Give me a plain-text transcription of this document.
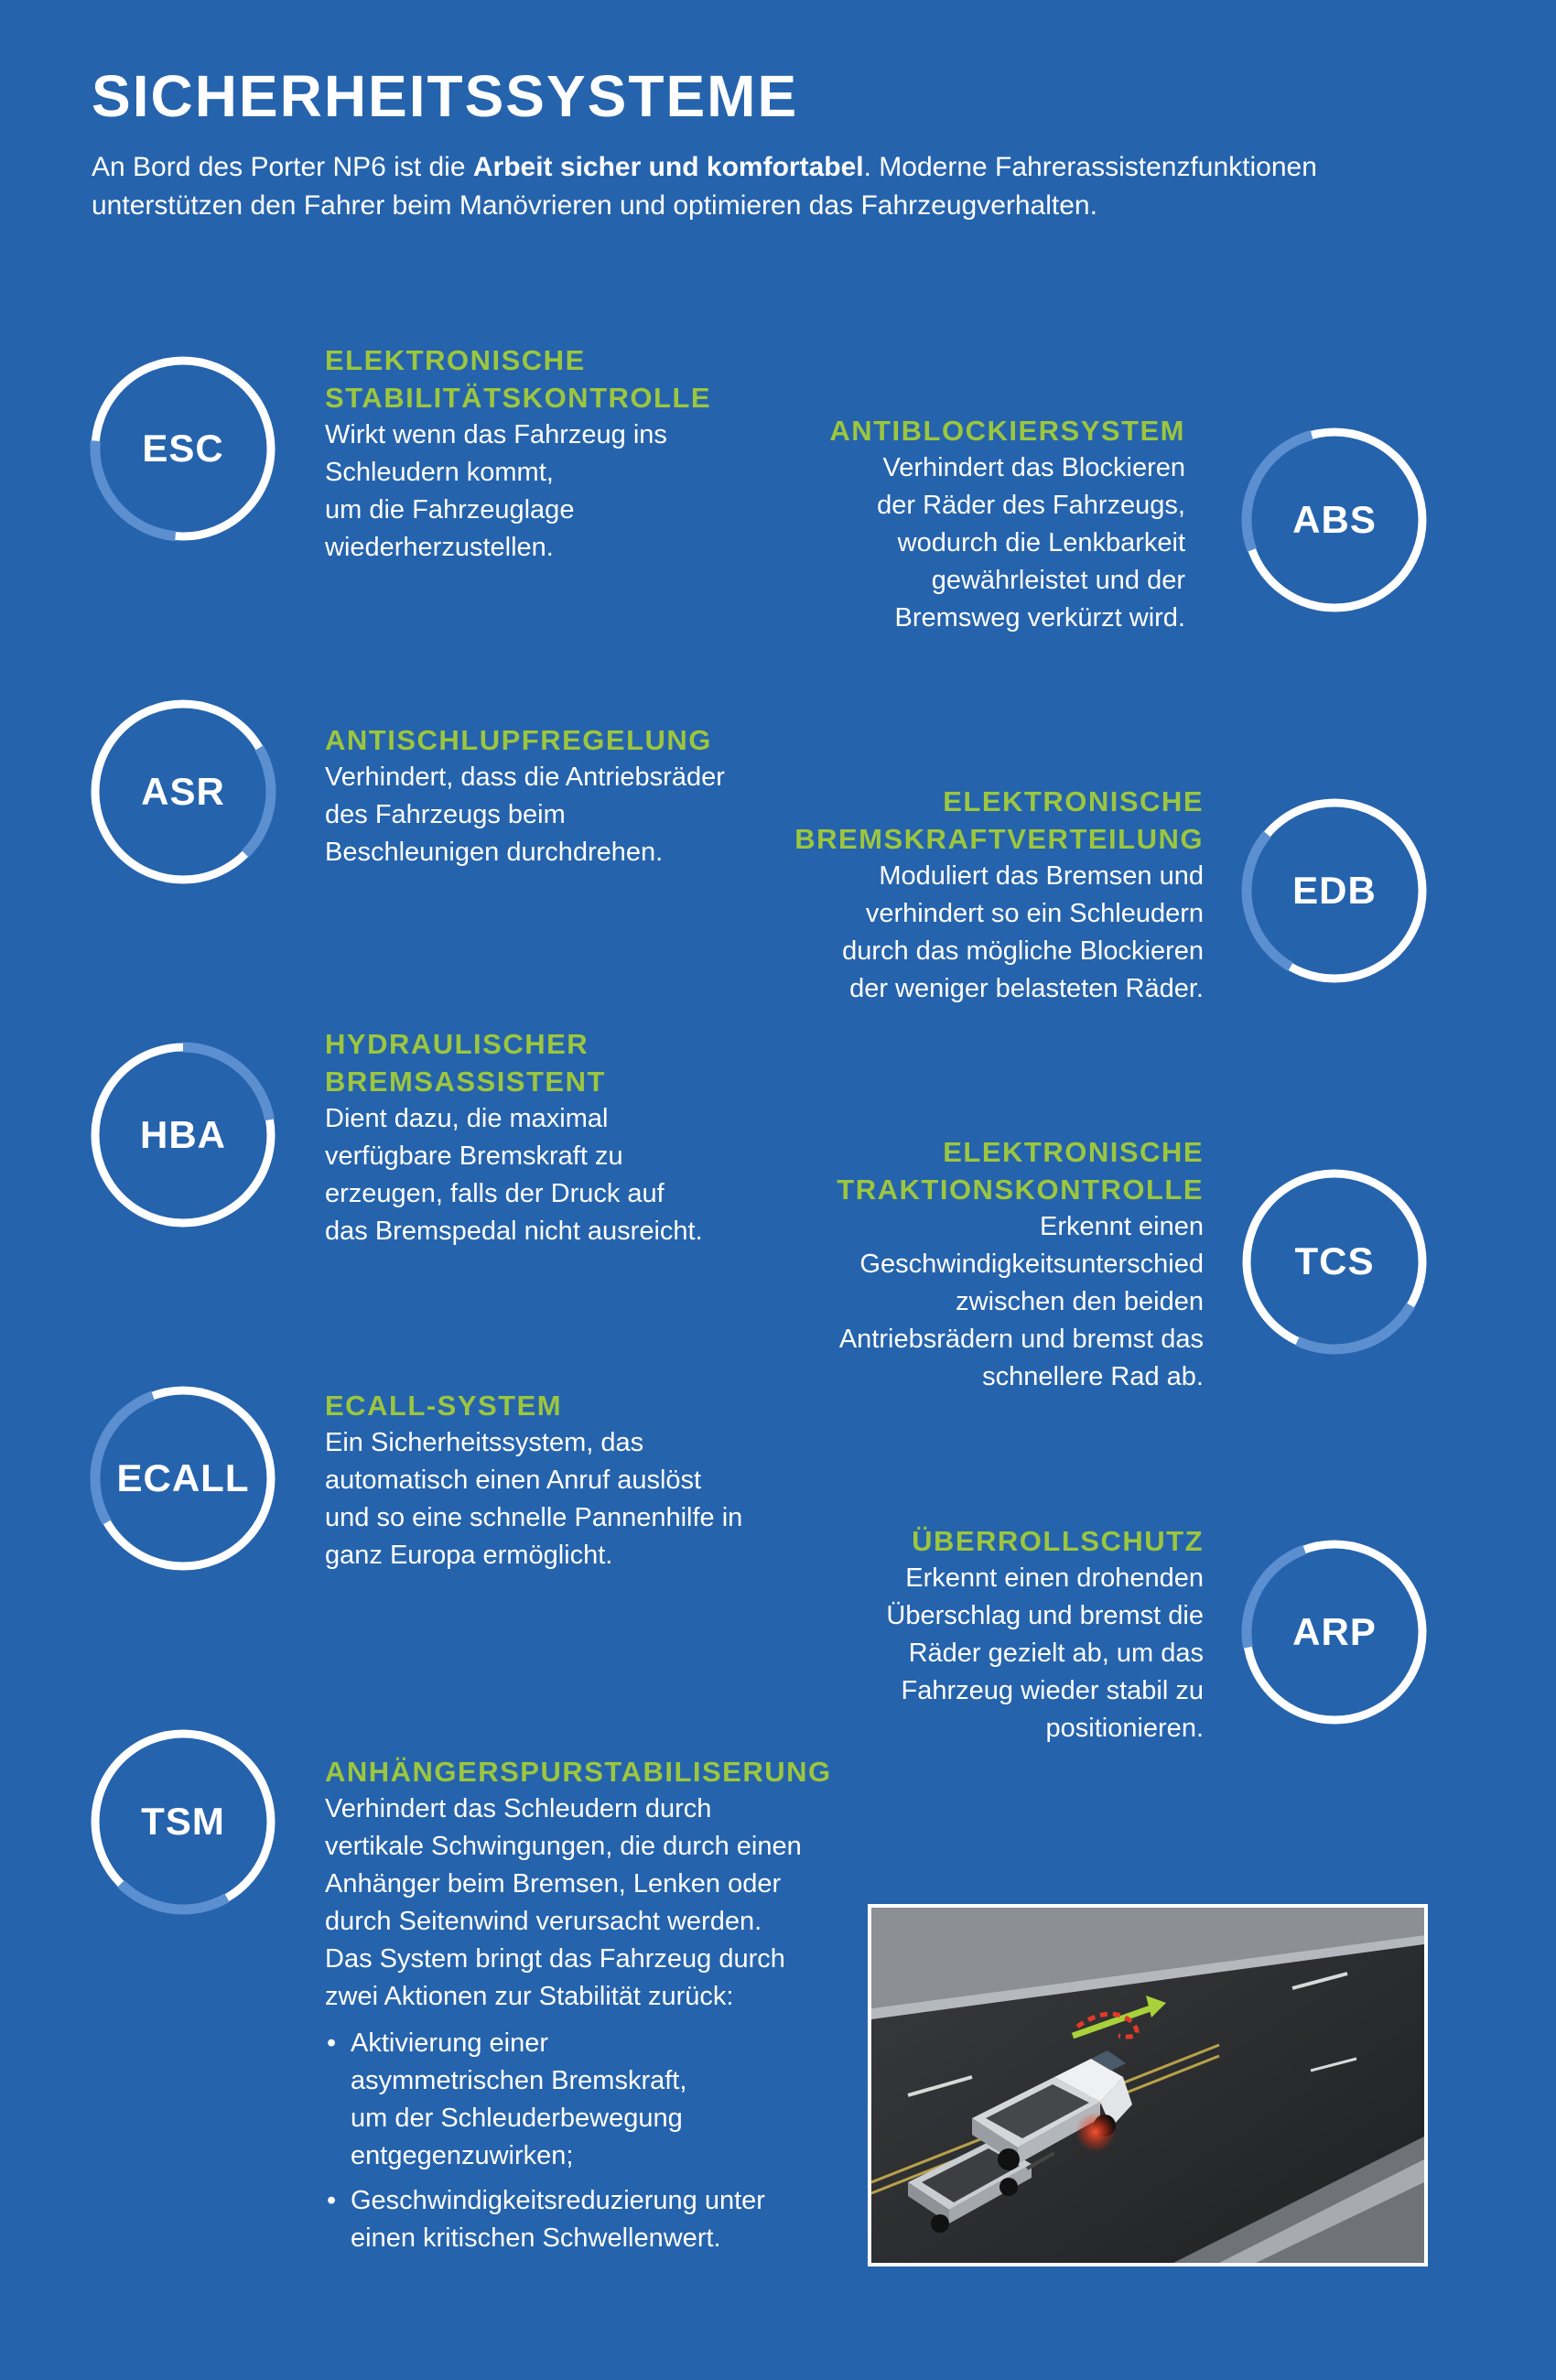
SICHERHEITSSYSTEME

An Bord des Porter NP6 ist die Arbeit sicher und komfortabel. Moderne Fahrerassistenzfunktionen unterstützen den Fahrer beim Manövrieren und optimieren das Fahrzeugverhalten.

ESC

ELEKTRONISCHE
STABILITÄTSKONTROLLE

Wirkt wenn das Fahrzeug ins
Schleudern kommt,
um die Fahrzeuglage
wiederherzustellen.

ABS

ANTIBLOCKIERSYSTEM

Verhindert das Blockieren
der Räder des Fahrzeugs,
wodurch die Lenkbarkeit
gewährleistet und der
Bremsweg verkürzt wird.

ASR

ANTISCHLUPFREGELUNG

Verhindert, dass die Antriebsräder
des Fahrzeugs beim
Beschleunigen durchdrehen.

EDB

ELEKTRONISCHE
BREMSKRAFTVERTEILUNG

Moduliert das Bremsen und
verhindert so ein Schleudern
durch das mögliche Blockieren
der weniger belasteten Räder.

HBA

HYDRAULISCHER
BREMSASSISTENT

Dient dazu, die maximal
verfügbare Bremskraft zu
erzeugen, falls der Druck auf
das Bremspedal nicht ausreicht.

TCS

ELEKTRONISCHE
TRAKTIONSKONTROLLE

Erkennt einen
Geschwindigkeitsunterschied
zwischen den beiden
Antriebsrädern und bremst das
schnellere Rad ab.

ECALL

ECALL-SYSTEM

Ein Sicherheitssystem, das
automatisch einen Anruf auslöst
und so eine schnelle Pannenhilfe in
ganz Europa ermöglicht.

ARP

ÜBERROLLSCHUTZ

Erkennt einen drohenden
Überschlag und bremst die
Räder gezielt ab, um das
Fahrzeug wieder stabil zu
positionieren.

TSM

ANHÄNGERSPURSTABILISERUNG

Verhindert das Schleudern durch
vertikale Schwingungen, die durch einen
Anhänger beim Bremsen, Lenken oder
durch Seitenwind verursacht werden.
Das System bringt das Fahrzeug durch
zwei Aktionen zur Stabilität zurück:

• Aktivierung einer
asymmetrischen Bremskraft,
um der Schleuderbewegung
entgegenzuwirken;
• Geschwindigkeitsreduzierung unter
einen kritischen Schwellenwert.
